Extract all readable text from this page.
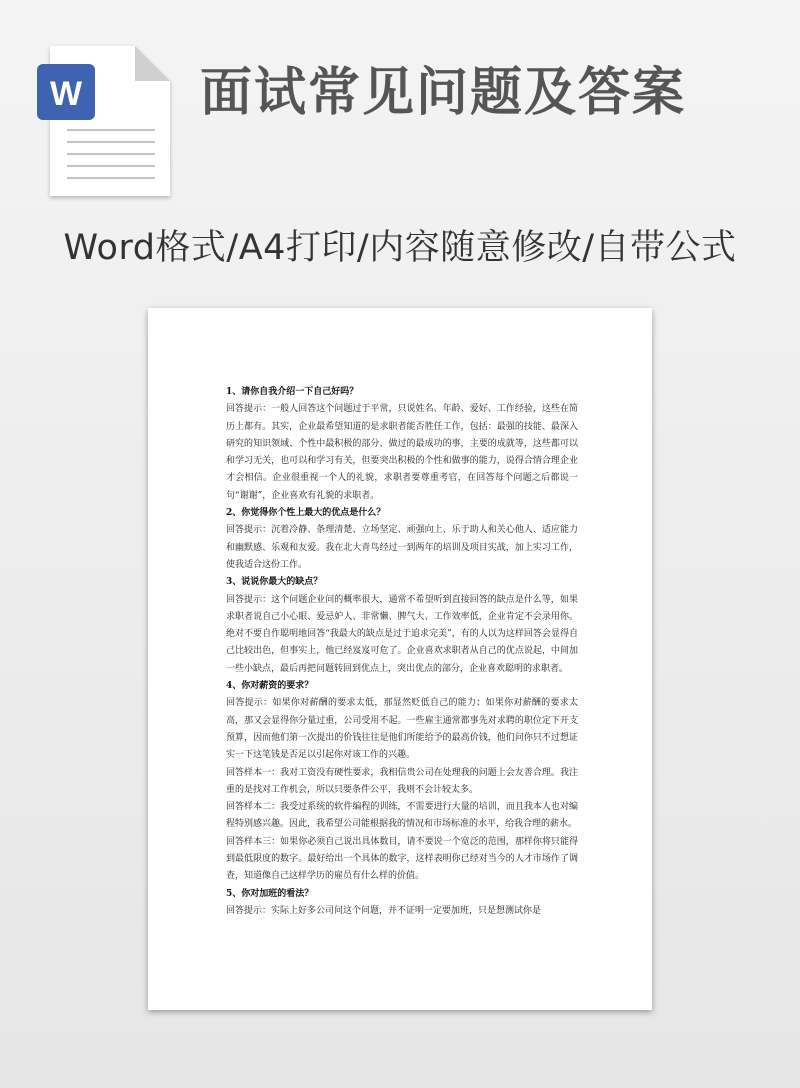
W 面试常见问题及答案

Word格式/A4打印/内容随意修改/自带公式

1、请你自我介绍一下自己好吗？

回答提示：一般人回答这个问题过于平常，只说姓名、年龄、爱好、工作经验，这些在简历上都有。其实，企业最希望知道的是求职者能否胜任工作，包括：最强的技能、最深入研究的知识领域、个性中最积极的部分、做过的最成功的事，主要的成就等，这些都可以和学习无关，也可以和学习有关，但要突出积极的个性和做事的能力，说得合情合理企业才会相信。企业很重视一个人的礼貌，求职者要尊重考官，在回答每个问题之后都说一句“谢谢”，企业喜欢有礼貌的求职者。

2、你觉得你个性上最大的优点是什么？

回答提示：沉着冷静、条理清楚、立场坚定、顽强向上、乐于助人和关心他人、适应能力和幽默感、乐观和友爱。我在北大青鸟经过一到两年的培训及项目实战，加上实习工作，使我适合这份工作。

3、说说你最大的缺点？

回答提示：这个问题企业问的概率很大，通常不希望听到直接回答的缺点是什么等，如果求职者说自己小心眼、爱忌妒人、非常懒、脾气大、工作效率低，企业肯定不会录用你。绝对不要自作聪明地回答“我最大的缺点是过于追求完美”，有的人以为这样回答会显得自己比较出色，但事实上，他已经岌岌可危了。企业喜欢求职者从自己的优点说起，中间加一些小缺点，最后再把问题转回到优点上，突出优点的部分，企业喜欢聪明的求职者。

4、你对薪资的要求？

回答提示：如果你对薪酬的要求太低，那显然贬低自己的能力；如果你对薪酬的要求太高，那又会显得你分量过重，公司受用不起。一些雇主通常都事先对求聘的职位定下开支预算，因而他们第一次提出的价钱往往是他们所能给予的最高价钱，他们问你只不过想证实一下这笔钱是否足以引起你对该工作的兴趣。

回答样本一：我对工资没有硬性要求，我相信贵公司在处理我的问题上会友善合理。我注重的是找对工作机会，所以只要条件公平，我则不会计较太多。

回答样本二：我受过系统的软件编程的训练，不需要进行大量的培训，而且我本人也对编程特别感兴趣。因此，我希望公司能根据我的情况和市场标准的水平，给我合理的薪水。

回答样本三：如果你必须自己说出具体数目，请不要说一个宽泛的范围，那样你将只能得到最低限度的数字。最好给出一个具体的数字，这样表明你已经对当今的人才市场作了调查，知道像自己这样学历的雇员有什么样的价值。

5、你对加班的看法？

回答提示：实际上好多公司问这个问题，并不证明一定要加班，只是想测试你是
